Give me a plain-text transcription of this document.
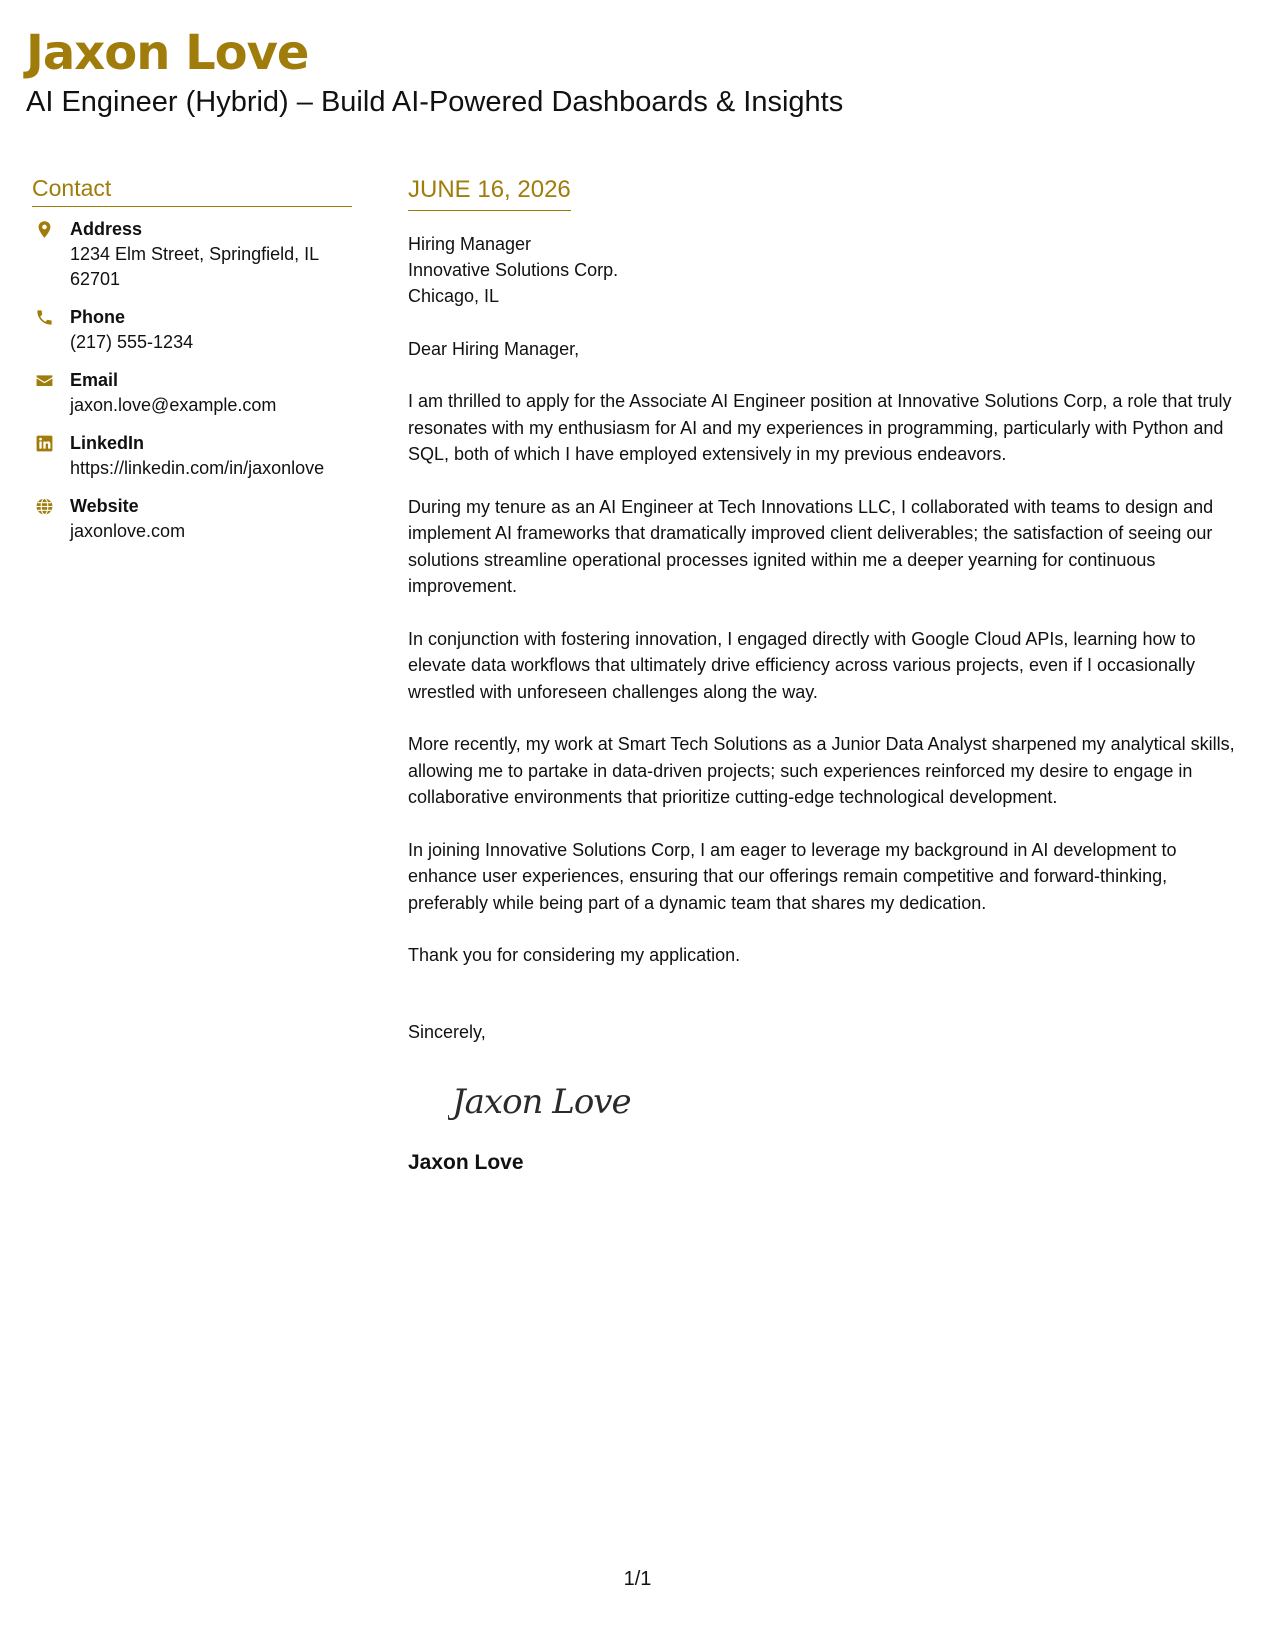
Jaxon Love
AI Engineer (Hybrid) – Build AI-Powered Dashboards & Insights
Contact
Address
1234 Elm Street, Springfield, IL 62701
Phone
(217) 555-1234
Email
jaxon.love@example.com
LinkedIn
https://linkedin.com/in/jaxonlove
Website
jaxonlove.com
JUNE 16, 2026
Hiring Manager
Innovative Solutions Corp.
Chicago, IL
Dear Hiring Manager,
I am thrilled to apply for the Associate AI Engineer position at Innovative Solutions Corp, a role that truly resonates with my enthusiasm for AI and my experiences in programming, particularly with Python and SQL, both of which I have employed extensively in my previous endeavors.
During my tenure as an AI Engineer at Tech Innovations LLC, I collaborated with teams to design and implement AI frameworks that dramatically improved client deliverables; the satisfaction of seeing our solutions streamline operational processes ignited within me a deeper yearning for continuous improvement.
In conjunction with fostering innovation, I engaged directly with Google Cloud APIs, learning how to elevate data workflows that ultimately drive efficiency across various projects, even if I occasionally wrestled with unforeseen challenges along the way.
More recently, my work at Smart Tech Solutions as a Junior Data Analyst sharpened my analytical skills, allowing me to partake in data-driven projects; such experiences reinforced my desire to engage in collaborative environments that prioritize cutting-edge technological development.
In joining Innovative Solutions Corp, I am eager to leverage my background in AI development to enhance user experiences, ensuring that our offerings remain competitive and forward-thinking, preferably while being part of a dynamic team that shares my dedication.
Thank you for considering my application.
Sincerely,
Jaxon Love
Jaxon Love
1/1
